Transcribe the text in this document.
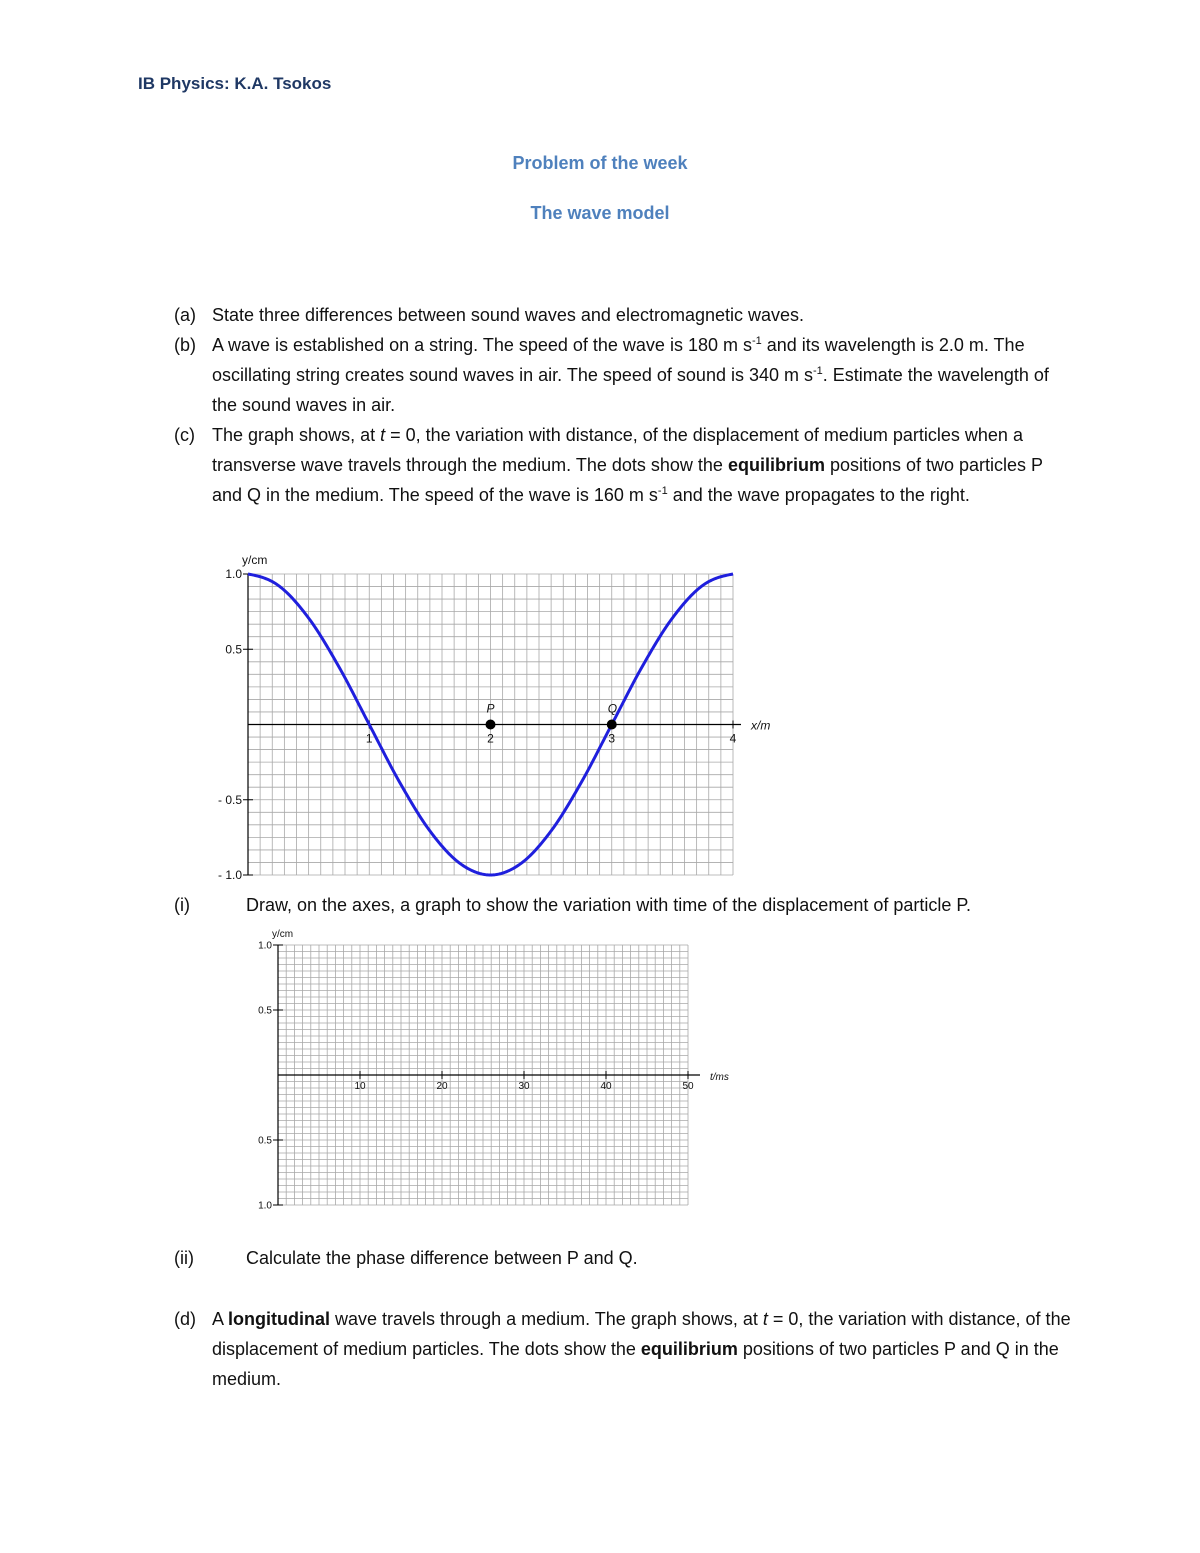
IB Physics: K.A. Tsokos
Problem of the week
The wave model
(a) State three differences between sound waves and electromagnetic waves.
(b) A wave is established on a string. The speed of the wave is 180 m $s^{-1}$ and its wavelength is 2.0 m. The oscillating string creates sound waves in air. The speed of sound is 340 m $s^{-1}$. Estimate the wavelength of the sound waves in air.
(c) The graph shows, at t = 0, the variation with distance, of the displacement of medium particles when a transverse wave travels through the medium. The dots show the equilibrium positions of two particles P and Q in the medium. The speed of the wave is 160 m $s^{-1}$ and the wave propagates to the right.
(i)	Draw, on the axes, a graph to show the variation with time of the displacement of particle P.
(ii)	Calculate the phase difference between P and Q.
(d) A longitudinal wave travels through a medium. The graph shows, at t = 0, the variation with distance, of the displacement of medium particles. The dots show the equilibrium positions of two particles P and Q in the medium.
1	2	3	4
1.0
0.5
- 0.5
- 1.0
y/cm
x/m
P	Q
10	20	30	40	50
1.0
0.5
0.5
1.0
y/cm
t/ms
